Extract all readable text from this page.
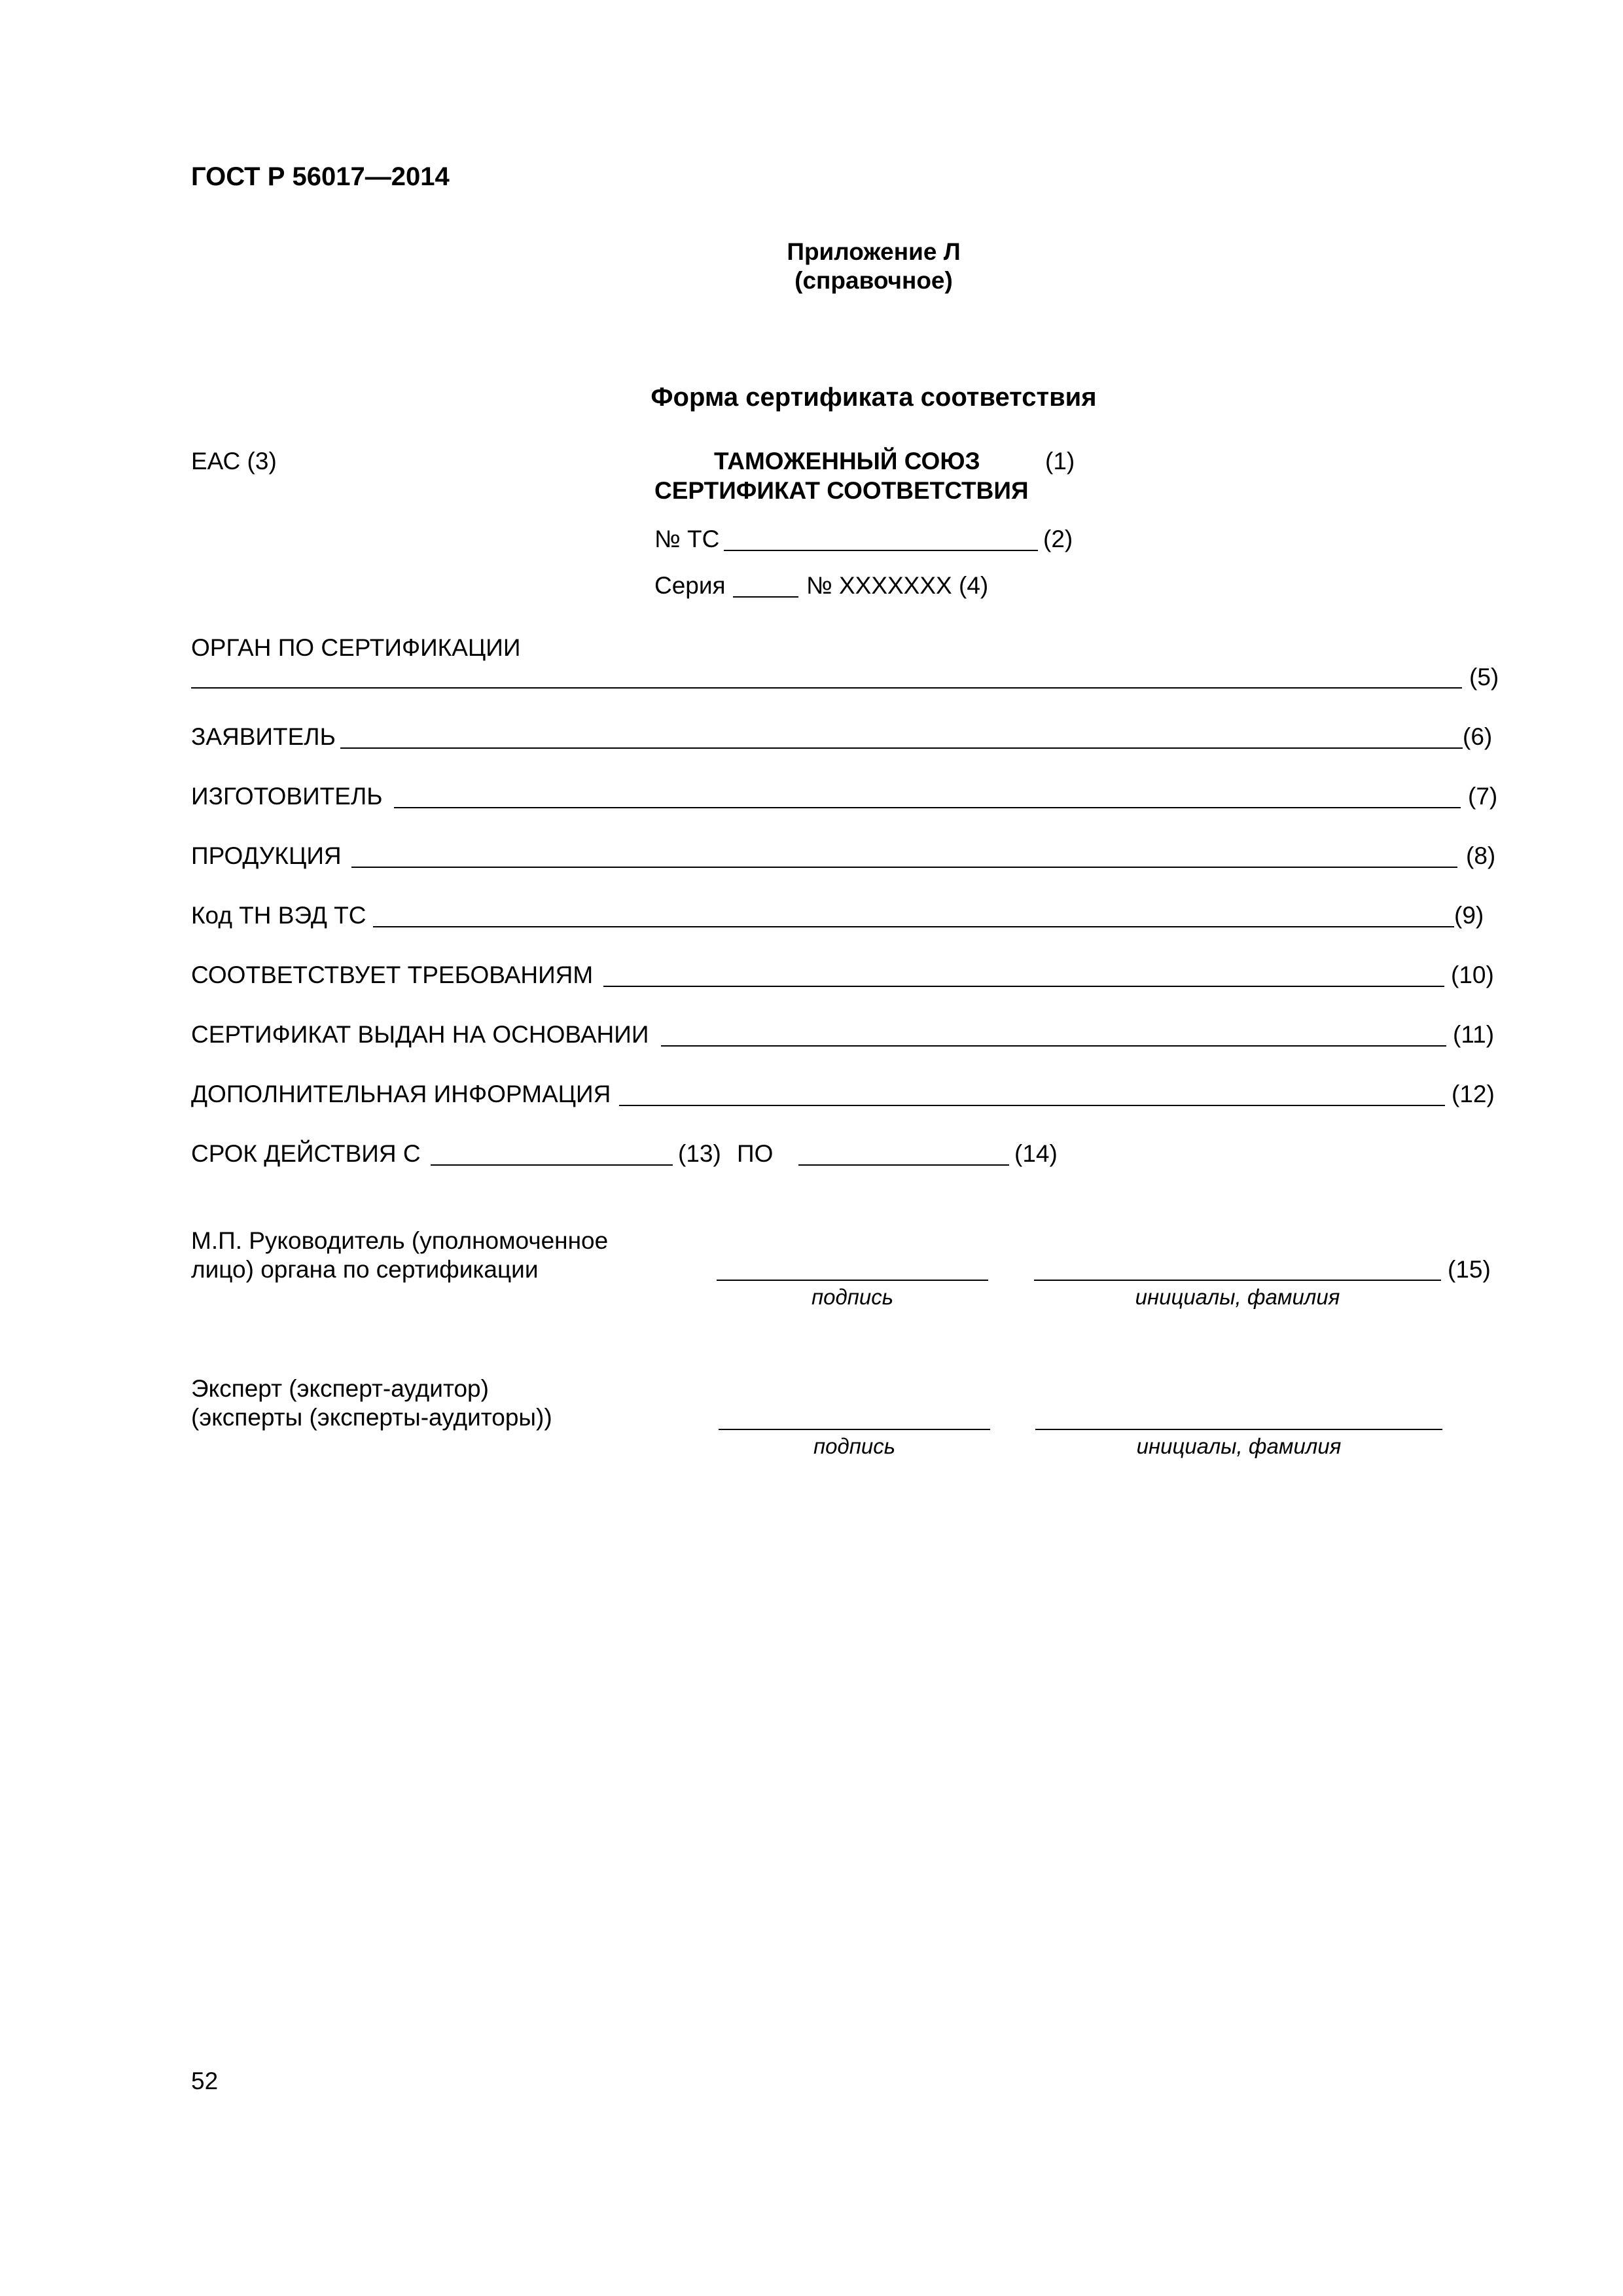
ГОСТ Р 56017—2014
Приложение Л
(справочное)
Форма сертификата соответствия
ЕАС (3)	ТАМОЖЕННЫЙ СОЮЗ	(1)
СЕРТИФИКАТ СООТВЕТСТВИЯ
№ ТС	(2)
Серия	№ XXXXXXX (4)
ОРГАН ПО СЕРТИФИКАЦИИ
(5)
ЗАЯВИТЕЛЬ	(6)
ИЗГОТОВИТЕЛЬ	(7)
ПРОДУКЦИЯ	(8)
Код ТН ВЭД ТС	(9)
СООТВЕТСТВУЕТ ТРЕБОВАНИЯМ	(10)
СЕРТИФИКАТ ВЫДАН НА ОСНОВАНИИ	(11)
ДОПОЛНИТЕЛЬНАЯ ИНФОРМАЦИЯ	(12)
СРОК ДЕЙСТВИЯ С	(13) ПО	(14)
М.П. Руководитель (уполномоченное
лицо) органа по сертификации	(15)
подпись	инициалы, фамилия
Эксперт (эксперт-аудитор)
(эксперты (эксперты-аудиторы))
подпись	инициалы, фамилия
52
